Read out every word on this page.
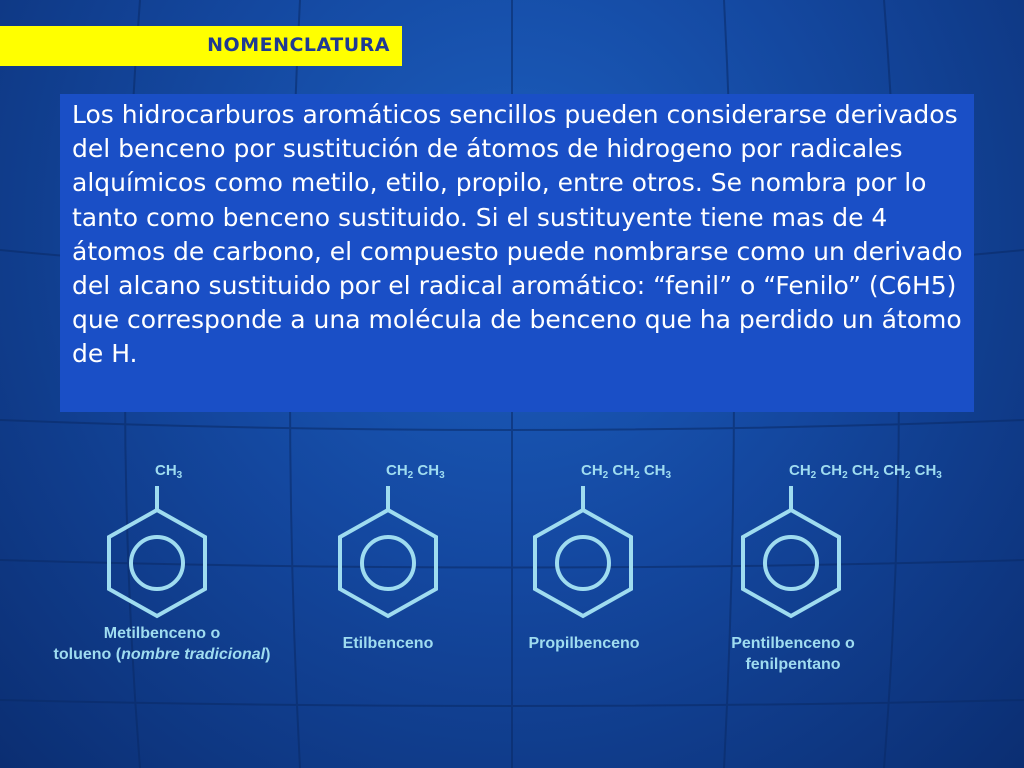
NOMENCLATURA

Los hidrocarburos aromáticos sencillos pueden considerarse derivados del benceno por sustitución de átomos de hidrogeno por radicales alquímicos como metilo, etilo, propilo, entre otros. Se nombra por lo tanto como benceno sustituido. Si el sustituyente tiene mas de 4 átomos de carbono, el compuesto puede nombrarse como un derivado del alcano sustituido por el radical aromático: “fenil” o “Fenilo” (C6H5) que corresponde a una molécula de benceno que ha perdido un átomo de H.

$CH_3$	$CH_2$ $CH_3$	$CH_2$ $CH_2$ $CH_3$	$CH_2$ $CH_2$ $CH_2$ $CH_2$ $CH_3$
Metilbenceno o
tolueno (nombre tradicional)
Etilbenceno	Propilbenceno	Pentilbenceno o
fenilpentano
